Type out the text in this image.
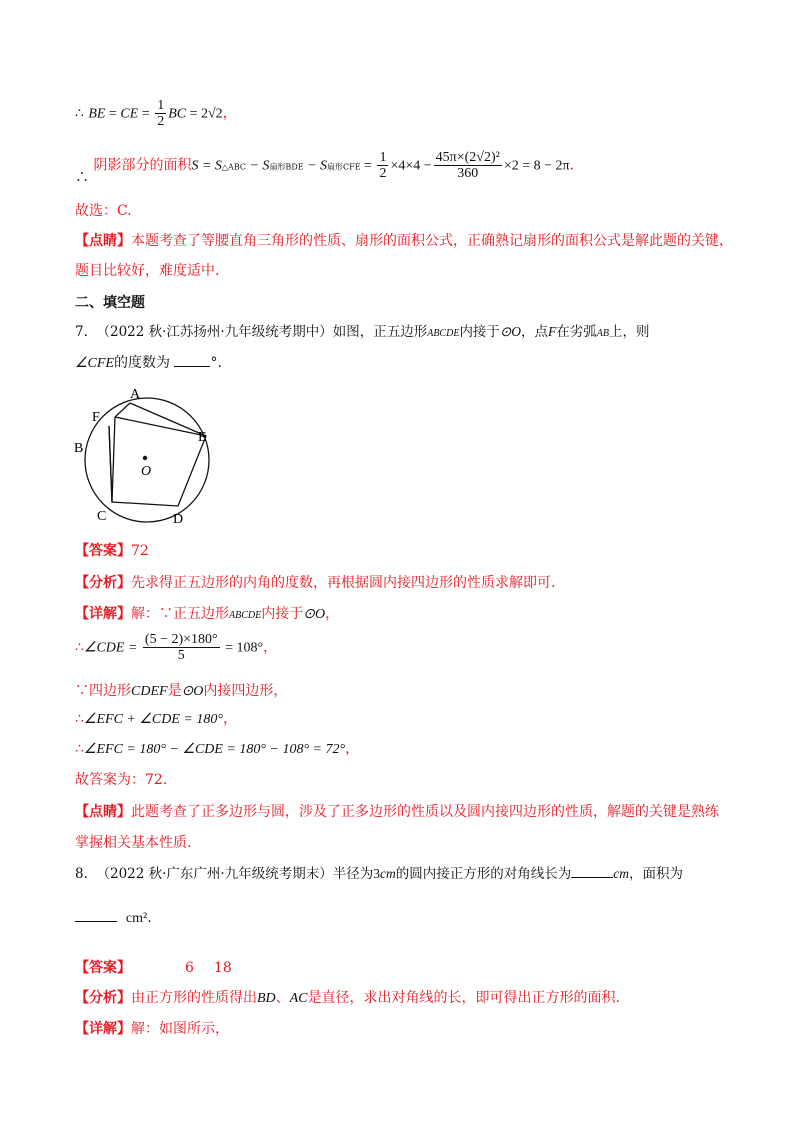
∴ BE = CE = $\frac{1}{2}$ BC = 2√2，
∴ 阴影部分的面积S = S△ABC − S扇形BDE − S扇形CFE = $\frac{1}{2} \times 4\times 4 - \frac{\text{45π×(2√2)²}}{360} \times 2 = 8 - 2\pi$．
故选：C.
【点睛】本题考查了等腰直角三角形的性质、扇形的面积公式，正确熟记扇形的面积公式是解此题的关键，
题目比较好，难度适中.
二、填空题
7. （2022 秋·江苏扬州·九年级统考期中）如图，正五边形ABCDE内接于⊙O，点F在劣弧AB上，则
∠CFE的度数为	°.
A
F
B
C	D
E
O
【答案】72
【分析】先求得正五边形的内角的度数，再根据圆内接四边形的性质求解即可.
【详解】解：∵正五边形ABCDE内接于⊙O，
∴∠CDE = $\frac{(5 - 2)\times 180^\circ}{5} = 108^\circ$，
∵四边形CDEF是⊙O内接四边形，
∴∠EFC + ∠CDE = 180°，
∴∠EFC = 180° − ∠CDE = 180° − 108° = 72°，
故答案为：72.
【点睛】此题考查了正多边形与圆，涉及了正多边形的性质以及圆内接四边形的性质，解题的关键是熟练
掌握相关基本性质.
8. （2022 秋·广东广州·九年级统考期末）半径为3cm的圆内接正方形的对角线长为	cm，面积为
cm².
【答案】	6 18
【分析】由正方形的性质得出BD、AC是直径，求出对角线的长，即可得出正方形的面积.
【详解】解：如图所示，
